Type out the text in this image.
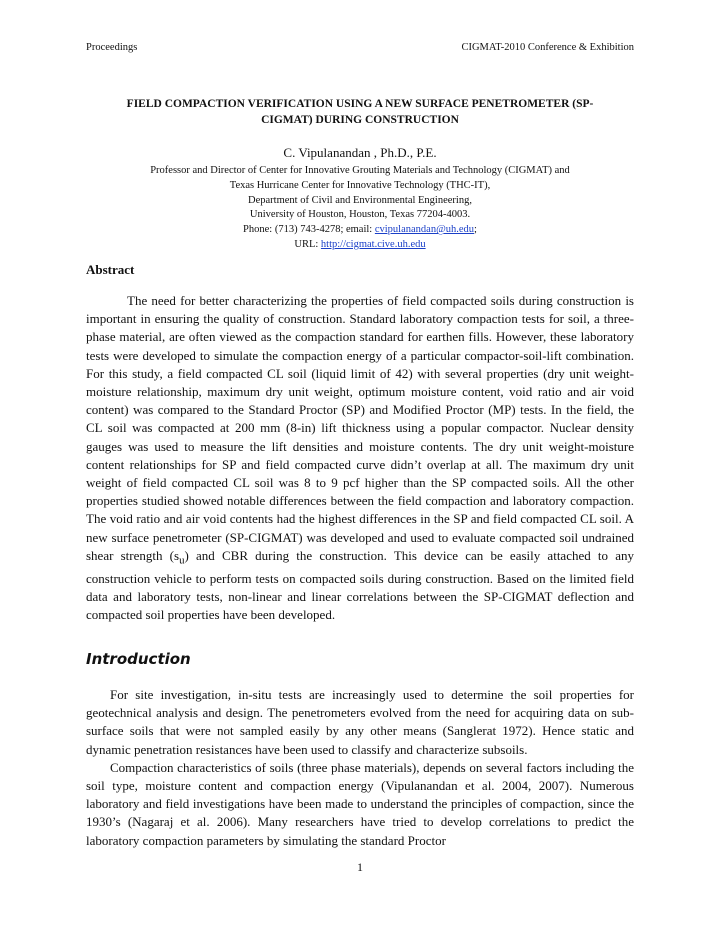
Proceedings	CIGMAT-2010 Conference & Exhibition
FIELD COMPACTION VERIFICATION USING A NEW SURFACE PENETROMETER (SP-
CIGMAT) DURING CONSTRUCTION
C. Vipulanandan , Ph.D., P.E.
Professor and Director of Center for Innovative Grouting Materials and Technology (CIGMAT) and
Texas Hurricane Center for Innovative Technology (THC-IT),
Department of Civil and Environmental Engineering,
University of Houston, Houston, Texas 77204-4003.
Phone: (713) 743-4278; email: cvipulanandan@uh.edu;
URL: http://cigmat.cive.uh.edu
Abstract

The need for better characterizing the properties of field compacted soils during construction is important in ensuring the quality of construction. Standard laboratory compaction tests for soil, a three-phase material, are often viewed as the compaction standard for earthen fills. However, these laboratory tests were developed to simulate the compaction energy of a particular compactor-soil-lift combination. For this study, a field compacted CL soil (liquid limit of 42) with several properties (dry unit weight-moisture relationship, maximum dry unit weight, optimum moisture content, void ratio and air void content) was compared to the Standard Proctor (SP) and Modified Proctor (MP) tests. In the field, the CL soil was compacted at 200 mm (8-in) lift thickness using a popular compactor. Nuclear density gauges was used to measure the lift densities and moisture contents. The dry unit weight-moisture content relationships for SP and field compacted curve didn’t overlap at all. The maximum dry unit weight of field compacted CL soil was 8 to 9 pcf higher than the SP compacted soils. All the other properties studied showed notable differences between the field compaction and laboratory compaction. The void ratio and air void contents had the highest differences in the SP and field compacted CL soil. A new surface penetrometer (SP-CIGMAT) was developed and used to evaluate compacted soil undrained shear strength $(s_u)$ and CBR during the construction. This device can be easily attached to any construction vehicle to perform tests on compacted soils during construction. Based on the limited field data and laboratory tests, non-linear and linear correlations between the SP-CIGMAT deflection and compacted soil properties have been developed.

Introduction

For site investigation, in-situ tests are increasingly used to determine the soil properties for geotechnical analysis and design. The penetrometers evolved from the need for acquiring data on sub-surface soils that were not sampled easily by any other means (Sanglerat 1972). Hence static and dynamic penetration resistances have been used to classify and characterize subsoils.

Compaction characteristics of soils (three phase materials), depends on several factors including the soil type, moisture content and compaction energy (Vipulanandan et al. 2004, 2007). Numerous laboratory and field investigations have been made to understand the principles of compaction, since the 1930’s (Nagaraj et al. 2006). Many researchers have tried to develop correlations to predict the laboratory compaction parameters by simulating the standard Proctor

1
